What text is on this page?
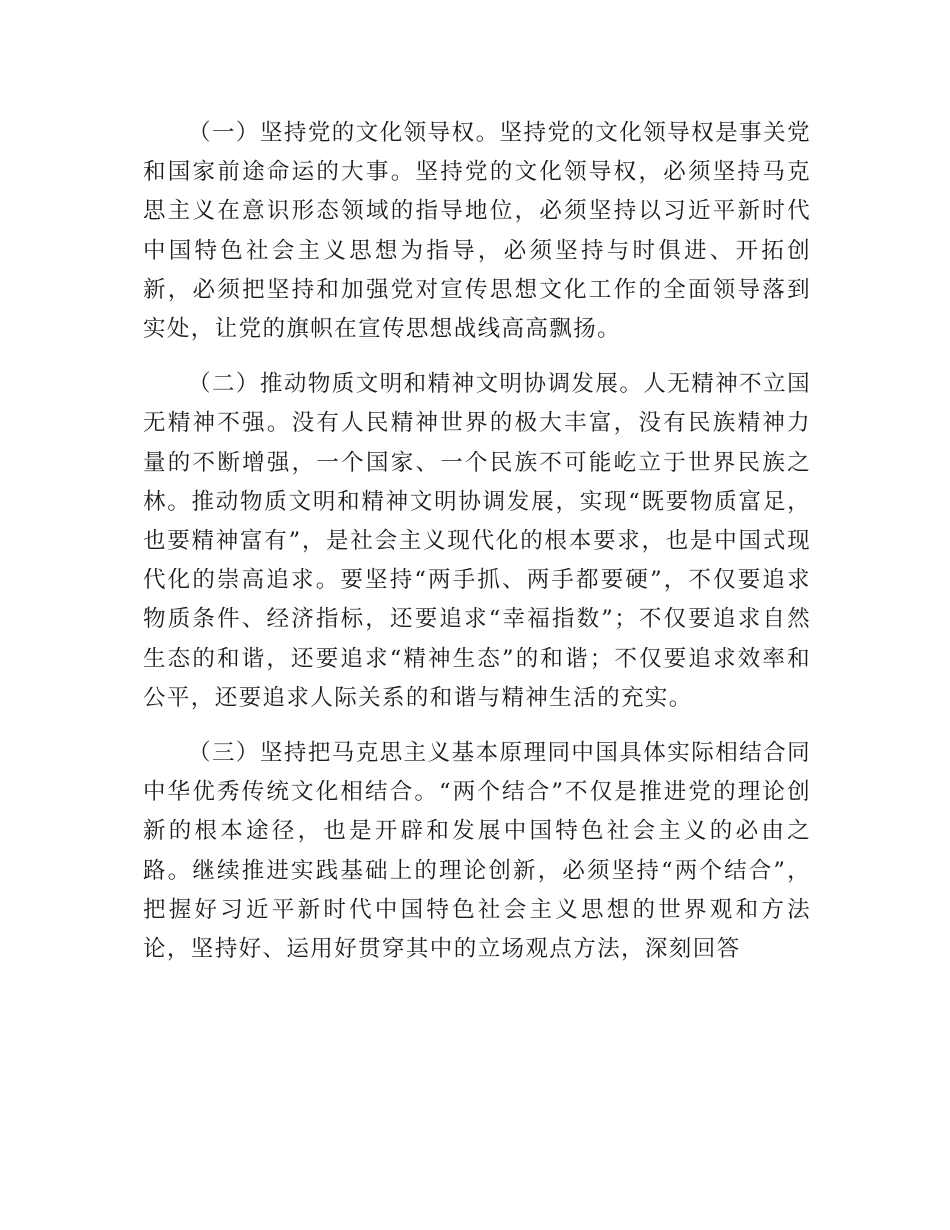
（一）坚持党的文化领导权。坚持党的文化领导权是事关党和国家前途命运的大事。坚持党的文化领导权，必须坚持马克思主义在意识形态领域的指导地位，必须坚持以习近平新时代中国特色社会主义思想为指导，必须坚持与时俱进、开拓创新，必须把坚持和加强党对宣传思想文化工作的全面领导落到实处，让党的旗帜在宣传思想战线高高飘扬。

（二）推动物质文明和精神文明协调发展。人无精神不立国无精神不强。没有人民精神世界的极大丰富，没有民族精神力量的不断增强，一个国家、一个民族不可能屹立于世界民族之林。推动物质文明和精神文明协调发展，实现“既要物质富足，也要精神富有”，是社会主义现代化的根本要求，也是中国式现代化的崇高追求。要坚持“两手抓、两手都要硬”，不仅要追求物质条件、经济指标，还要追求“幸福指数”；不仅要追求自然生态的和谐，还要追求“精神生态”的和谐；不仅要追求效率和公平，还要追求人际关系的和谐与精神生活的充实。

（三）坚持把马克思主义基本原理同中国具体实际相结合同中华优秀传统文化相结合。“两个结合”不仅是推进党的理论创新的根本途径，也是开辟和发展中国特色社会主义的必由之路。继续推进实践基础上的理论创新，必须坚持“两个结合”，把握好习近平新时代中国特色社会主义思想的世界观和方法论，坚持好、运用好贯穿其中的立场观点方法，深刻回答
